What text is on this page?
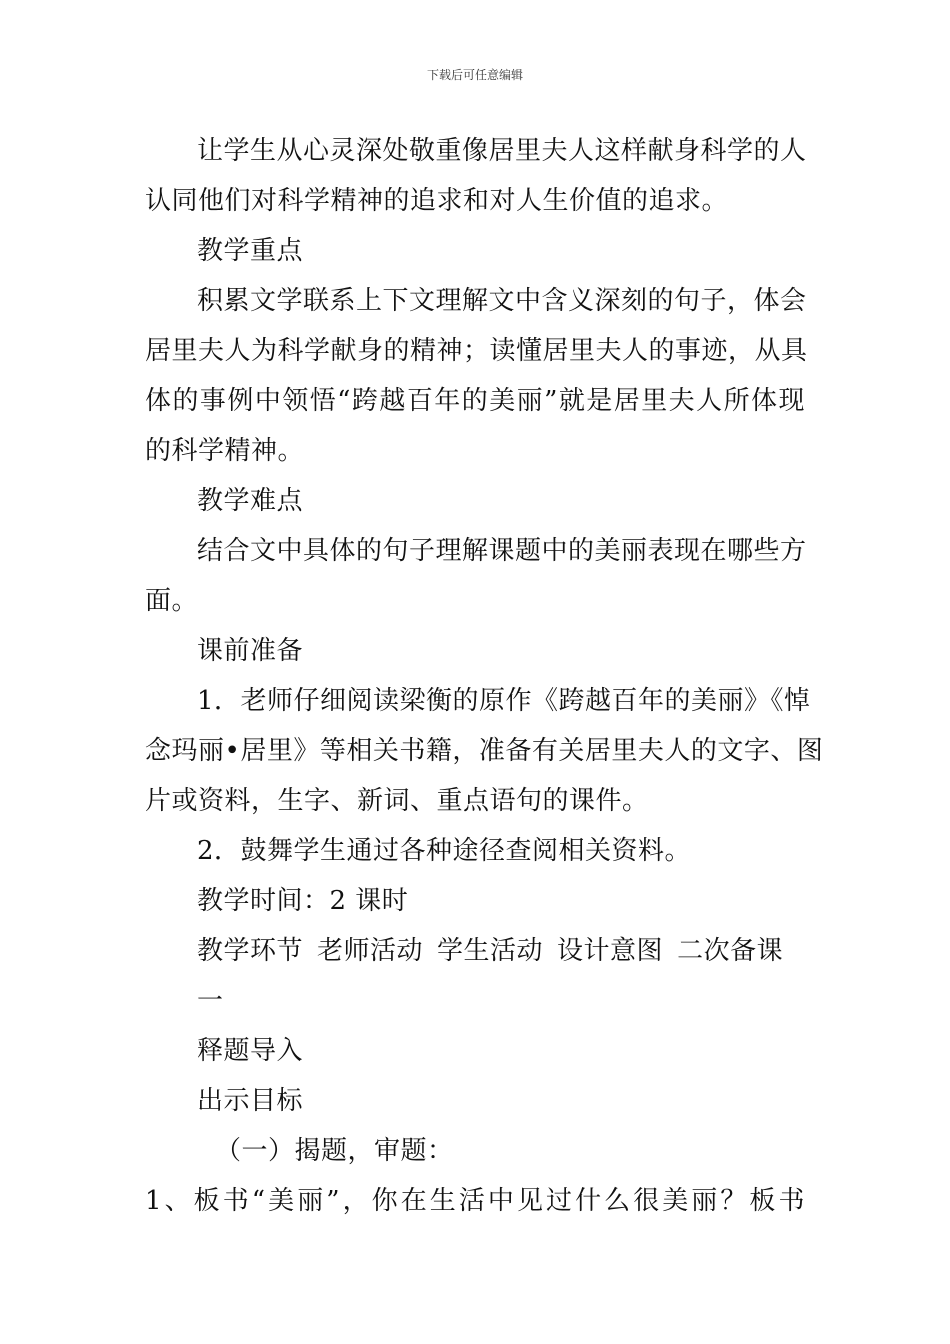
下载后可任意编辑
让学生从心灵深处敬重像居里夫人这样献身科学的人
认同他们对科学精神的追求和对人生价值的追求。
教学重点
积累文学联系上下文理解文中含义深刻的句子，体会
居里夫人为科学献身的精神；读懂居里夫人的事迹，从具
体的事例中领悟“跨越百年的美丽”就是居里夫人所体现
的科学精神。
教学难点
结合文中具体的句子理解课题中的美丽表现在哪些方
面。
课前准备
1．老师仔细阅读梁衡的原作《跨越百年的美丽》《悼
念玛丽•居里》等相关书籍，准备有关居里夫人的文字、图
片或资料，生字、新词、重点语句的课件。
2．鼓舞学生通过各种途径查阅相关资料。
教学时间：2 课时
教学环节 老师活动 学生活动 设计意图 二次备课
一
释题导入
出示目标
（一）揭题，审题：
1、板书“美丽”，你在生活中见过什么很美丽？板书
